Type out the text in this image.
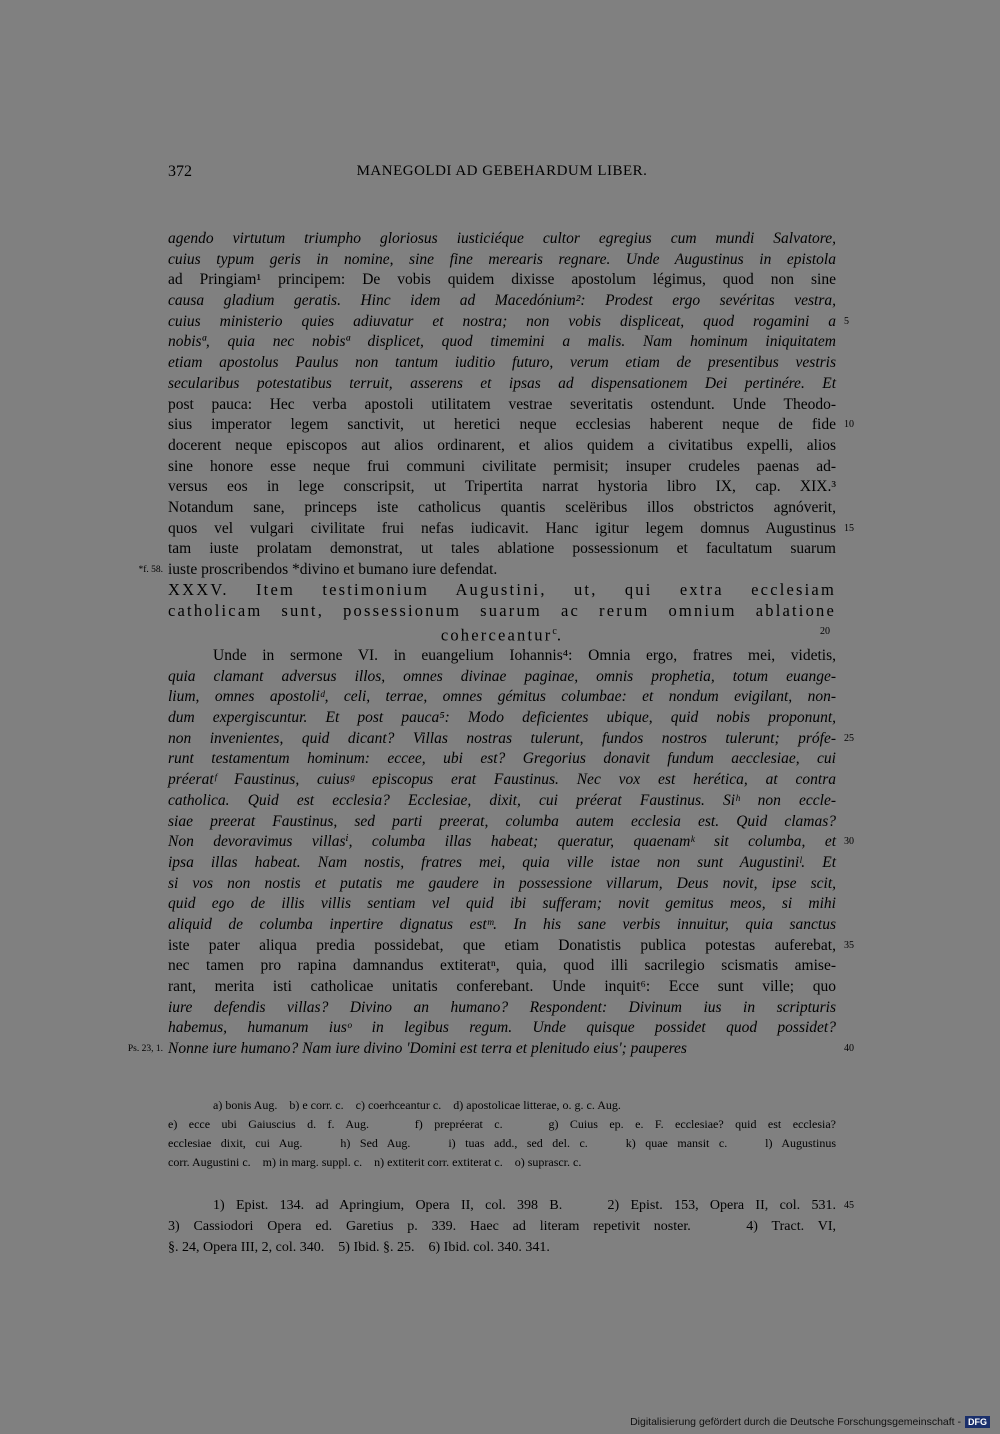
372	MANEGOLDI AD GEBEHARDUM LIBER.
agendo virtutum triumpho gloriosus iusticiéque cultor egregius cum mundi Salvatore,
cuius typum geris in nomine, sine fine merearis regnare. Unde Augustinus in epistola
ad Pringiam¹ principem: De vobis quidem dixisse apostolum légimus, quod non sine
causa gladium geratis. Hinc idem ad Macedónium²: Prodest ergo sevéritas vestra,
cuius ministerio quies adiuvatur et nostra; non vobis displiceat, quod rogamini a 5
nobisª, quia nec nobisª displicet, quod timemini a malis. Nam hominum iniquitatem
etiam apostolus Paulus non tantum iuditio futuro, verum etiam de presentibus vestris
secularibus potestatibus terruit, asserens et ipsas ad dispensationem Dei pertinére. Et
post pauca: Hec verba apostoli utilitatem vestrae severitatis ostendunt. Unde Theodo-
sius imperator legem sanctivit, ut heretici neque ecclesias haberent neque de fide 10
docerent neque episcopos aut alios ordinarent, et alios quidem a civitatibus expelli, alios
sine honore esse neque frui communi civilitate permisit; insuper crudeles paenas ad-
versus eos in lege conscripsit, ut Tripertita narrat hystoria libro IX, cap. XIX.³
Notandum sane, princeps iste catholicus quantis scelëribus illos obstrictos agnóverit,
quos vel vulgari civilitate frui nefas iudicavit. Hanc igitur legem domnus Augustinus 15
tam iuste prolatam demonstrat, ut tales ablatione possessionum et facultatum suarum
iuste proscribendos *divino et bumano iure defendat.
*f. 58.
XXXV. Item testimonium Augustini, ut, qui extra ecclesiam
catholicam sunt, possessionum suarum ac rerum omnium ablatione
coherceantur$^c$.	20
Unde in sermone VI. in euangelium Iohannis⁴: Omnia ergo, fratres mei, videtis,
quia clamant adversus illos, omnes divinae paginae, omnis prophetia, totum euange-
lium, omnes apostoliᵈ, celi, terrae, omnes gémitus columbae: et nondum evigilant, non-
dum expergiscuntur. Et post pauca⁵: Modo deficientes ubique, quid nobis proponunt,
non invenientes, quid dicant? Villas nostras tulerunt, fundos nostros tulerunt; prófe- 25
runt testamentum hominum: eccee, ubi est? Gregorius donavit fundum aecclesiae, cui
préeratᶠ Faustinus, cuiusᵍ episcopus erat Faustinus. Nec vox est herética, at contra
catholica. Quid est ecclesia? Ecclesiae, dixit, cui préerat Faustinus. Siʰ non eccle-
siae preerat Faustinus, sed parti preerat, columba autem ecclesia est. Quid clamas?
Non devoravimus villasⁱ, columba illas habeat; queratur, quaenamᵏ sit columba, et 30
ipsa illas habeat. Nam nostis, fratres mei, quia ville istae non sunt Augustiniˡ. Et
si vos non nostis et putatis me gaudere in possessione villarum, Deus novit, ipse scit,
quid ego de illis villis sentiam vel quid ibi sufferam; novit gemitus meos, si mihi
aliquid de columba inpertire dignatus estᵐ. In his sane verbis innuitur, quia sanctus
iste pater aliqua predia possidebat, que etiam Donatistis publica potestas auferebat, 35
nec tamen pro rapina damnandus extiteratⁿ, quia, quod illi sacrilegio scismatis amise-
rant, merita isti catholicae unitatis conferebant. Unde inquit⁶: Ecce sunt ville; quo
iure defendis villas? Divino an humano? Respondent: Divinum ius in scripturis
habemus, humanum iusᵒ in legibus regum. Unde quisque possidet quod possidet?
Nonne iure humano? Nam iure divino 'Domini est terra et plenitudo eius'; pauperes	40
Ps. 23, 1.
a) bonis Aug.    b) e corr. c.    c) coerhceantur c.    d) apostolicae litterae, o. g. c. Aug.
e) ecce ubi Gaiuscius d. f. Aug.    f) prepréerat c.    g) Cuius ep. e. F. ecclesiae? quid est ecclesia?
ecclesiae dixit, cui Aug.    h) Sed Aug.    i) tuas add., sed del. c.    k) quae mansit c.    l) Augustinus
corr. Augustini c.    m) in marg. suppl. c.    n) extiterit corr. extiterat c.    o) suprascr. c.
1) Epist. 134. ad Apringium, Opera II, col. 398 B.    2) Epist. 153, Opera II, col. 531. 45
3) Cassiodori Opera ed. Garetius p. 339. Haec ad literam repetivit noster.    4) Tract. VI,
§. 24, Opera III, 2, col. 340.    5) Ibid. §. 25.    6) Ibid. col. 340. 341.
Digitalisierung gefördert durch die Deutsche Forschungsgemeinschaft - DFG
